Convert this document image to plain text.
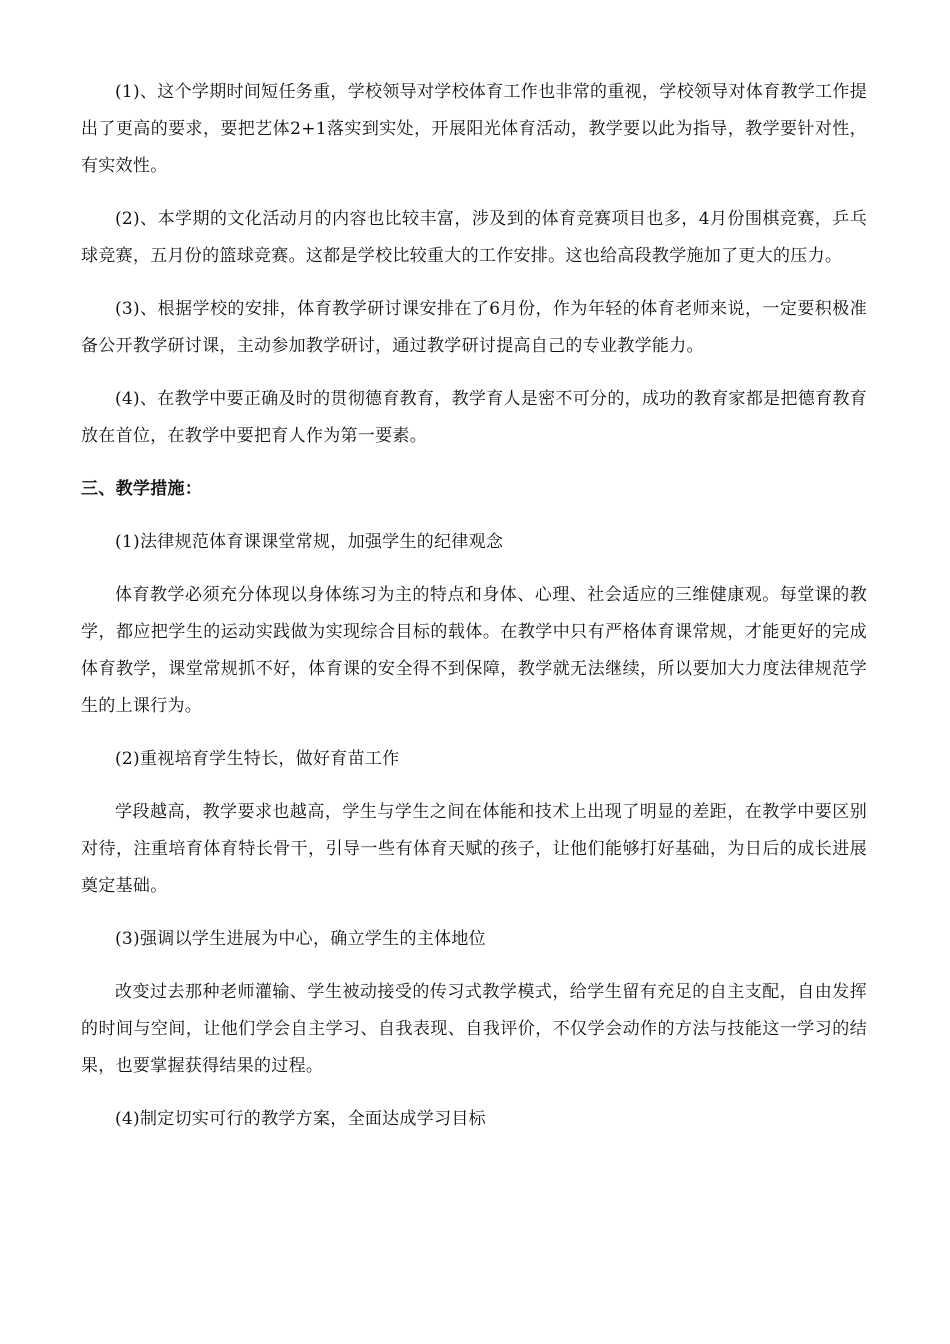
(1)、这个学期时间短任务重，学校领导对学校体育工作也非常的重视，学校领导对体育教学工作提出了更高的要求，要把艺体2+1落实到实处，开展阳光体育活动，教学要以此为指导，教学要针对性，有实效性。

(2)、本学期的文化活动月的内容也比较丰富，涉及到的体育竞赛项目也多，4月份围棋竞赛，乒乓球竞赛，五月份的篮球竞赛。这都是学校比较重大的工作安排。这也给高段教学施加了更大的压力。

(3)、根据学校的安排，体育教学研讨课安排在了6月份，作为年轻的体育老师来说，一定要积极准备公开教学研讨课，主动参加教学研讨，通过教学研讨提高自己的专业教学能力。

(4)、在教学中要正确及时的贯彻德育教育，教学育人是密不可分的，成功的教育家都是把德育教育放在首位，在教学中要把育人作为第一要素。

三、教学措施：

(1)法律规范体育课课堂常规，加强学生的纪律观念

体育教学必须充分体现以身体练习为主的特点和身体、心理、社会适应的三维健康观。每堂课的教学，都应把学生的运动实践做为实现综合目标的载体。在教学中只有严格体育课常规，才能更好的完成体育教学，课堂常规抓不好，体育课的安全得不到保障，教学就无法继续，所以要加大力度法律规范学生的上课行为。

(2)重视培育学生特长，做好育苗工作

学段越高，教学要求也越高，学生与学生之间在体能和技术上出现了明显的差距，在教学中要区别对待，注重培育体育特长骨干，引导一些有体育天赋的孩子，让他们能够打好基础，为日后的成长进展奠定基础。

(3)强调以学生进展为中心，确立学生的主体地位

改变过去那种老师灌输、学生被动接受的传习式教学模式，给学生留有充足的自主支配，自由发挥的时间与空间，让他们学会自主学习、自我表现、自我评价，不仅学会动作的方法与技能这一学习的结果，也要掌握获得结果的过程。

(4)制定切实可行的教学方案，全面达成学习目标
